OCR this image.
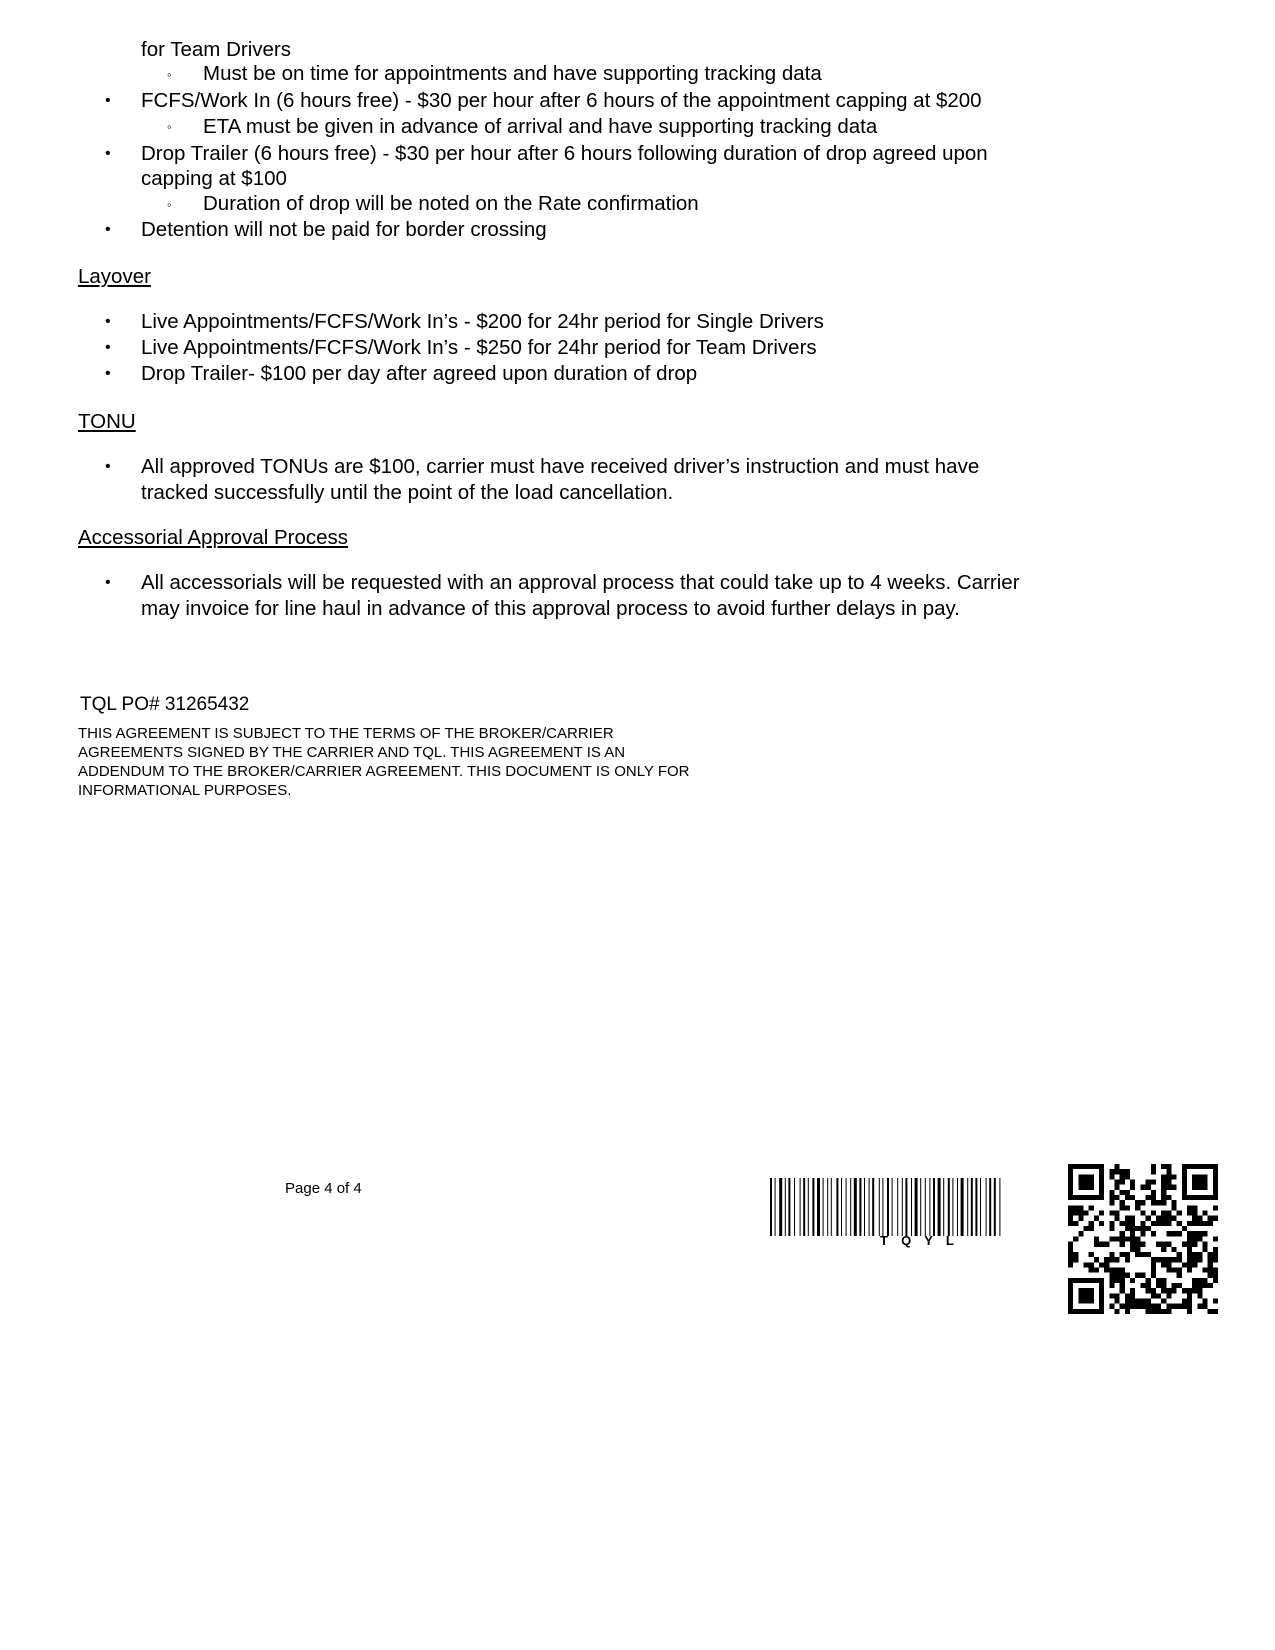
for Team Drivers
◦ Must be on time for appointments and have supporting tracking data
• FCFS/Work In (6 hours free) - $30 per hour after 6 hours of the appointment capping at $200
◦ ETA must be given in advance of arrival and have supporting tracking data
• Drop Trailer (6 hours free) - $30 per hour after 6 hours following duration of drop agreed upon
capping at $100
◦ Duration of drop will be noted on the Rate confirmation
• Detention will not be paid for border crossing
Layover
• Live Appointments/FCFS/Work In’s - $200 for 24hr period for Single Drivers
• Live Appointments/FCFS/Work In’s - $250 for 24hr period for Team Drivers
• Drop Trailer- $100 per day after agreed upon duration of drop
TONU
• All approved TONUs are $100, carrier must have received driver’s instruction and must have
tracked successfully until the point of the load cancellation.
Accessorial Approval Process
• All accessorials will be requested with an approval process that could take up to 4 weeks. Carrier
may invoice for line haul in advance of this approval process to avoid further delays in pay.
TQL PO# 31265432
THIS AGREEMENT IS SUBJECT TO THE TERMS OF THE BROKER/CARRIER
AGREEMENTS SIGNED BY THE CARRIER AND TQL. THIS AGREEMENT IS AN
ADDENDUM TO THE BROKER/CARRIER AGREEMENT. THIS DOCUMENT IS ONLY FOR
INFORMATIONAL PURPOSES.
Page 4 of 4
T  Q  Y  L
